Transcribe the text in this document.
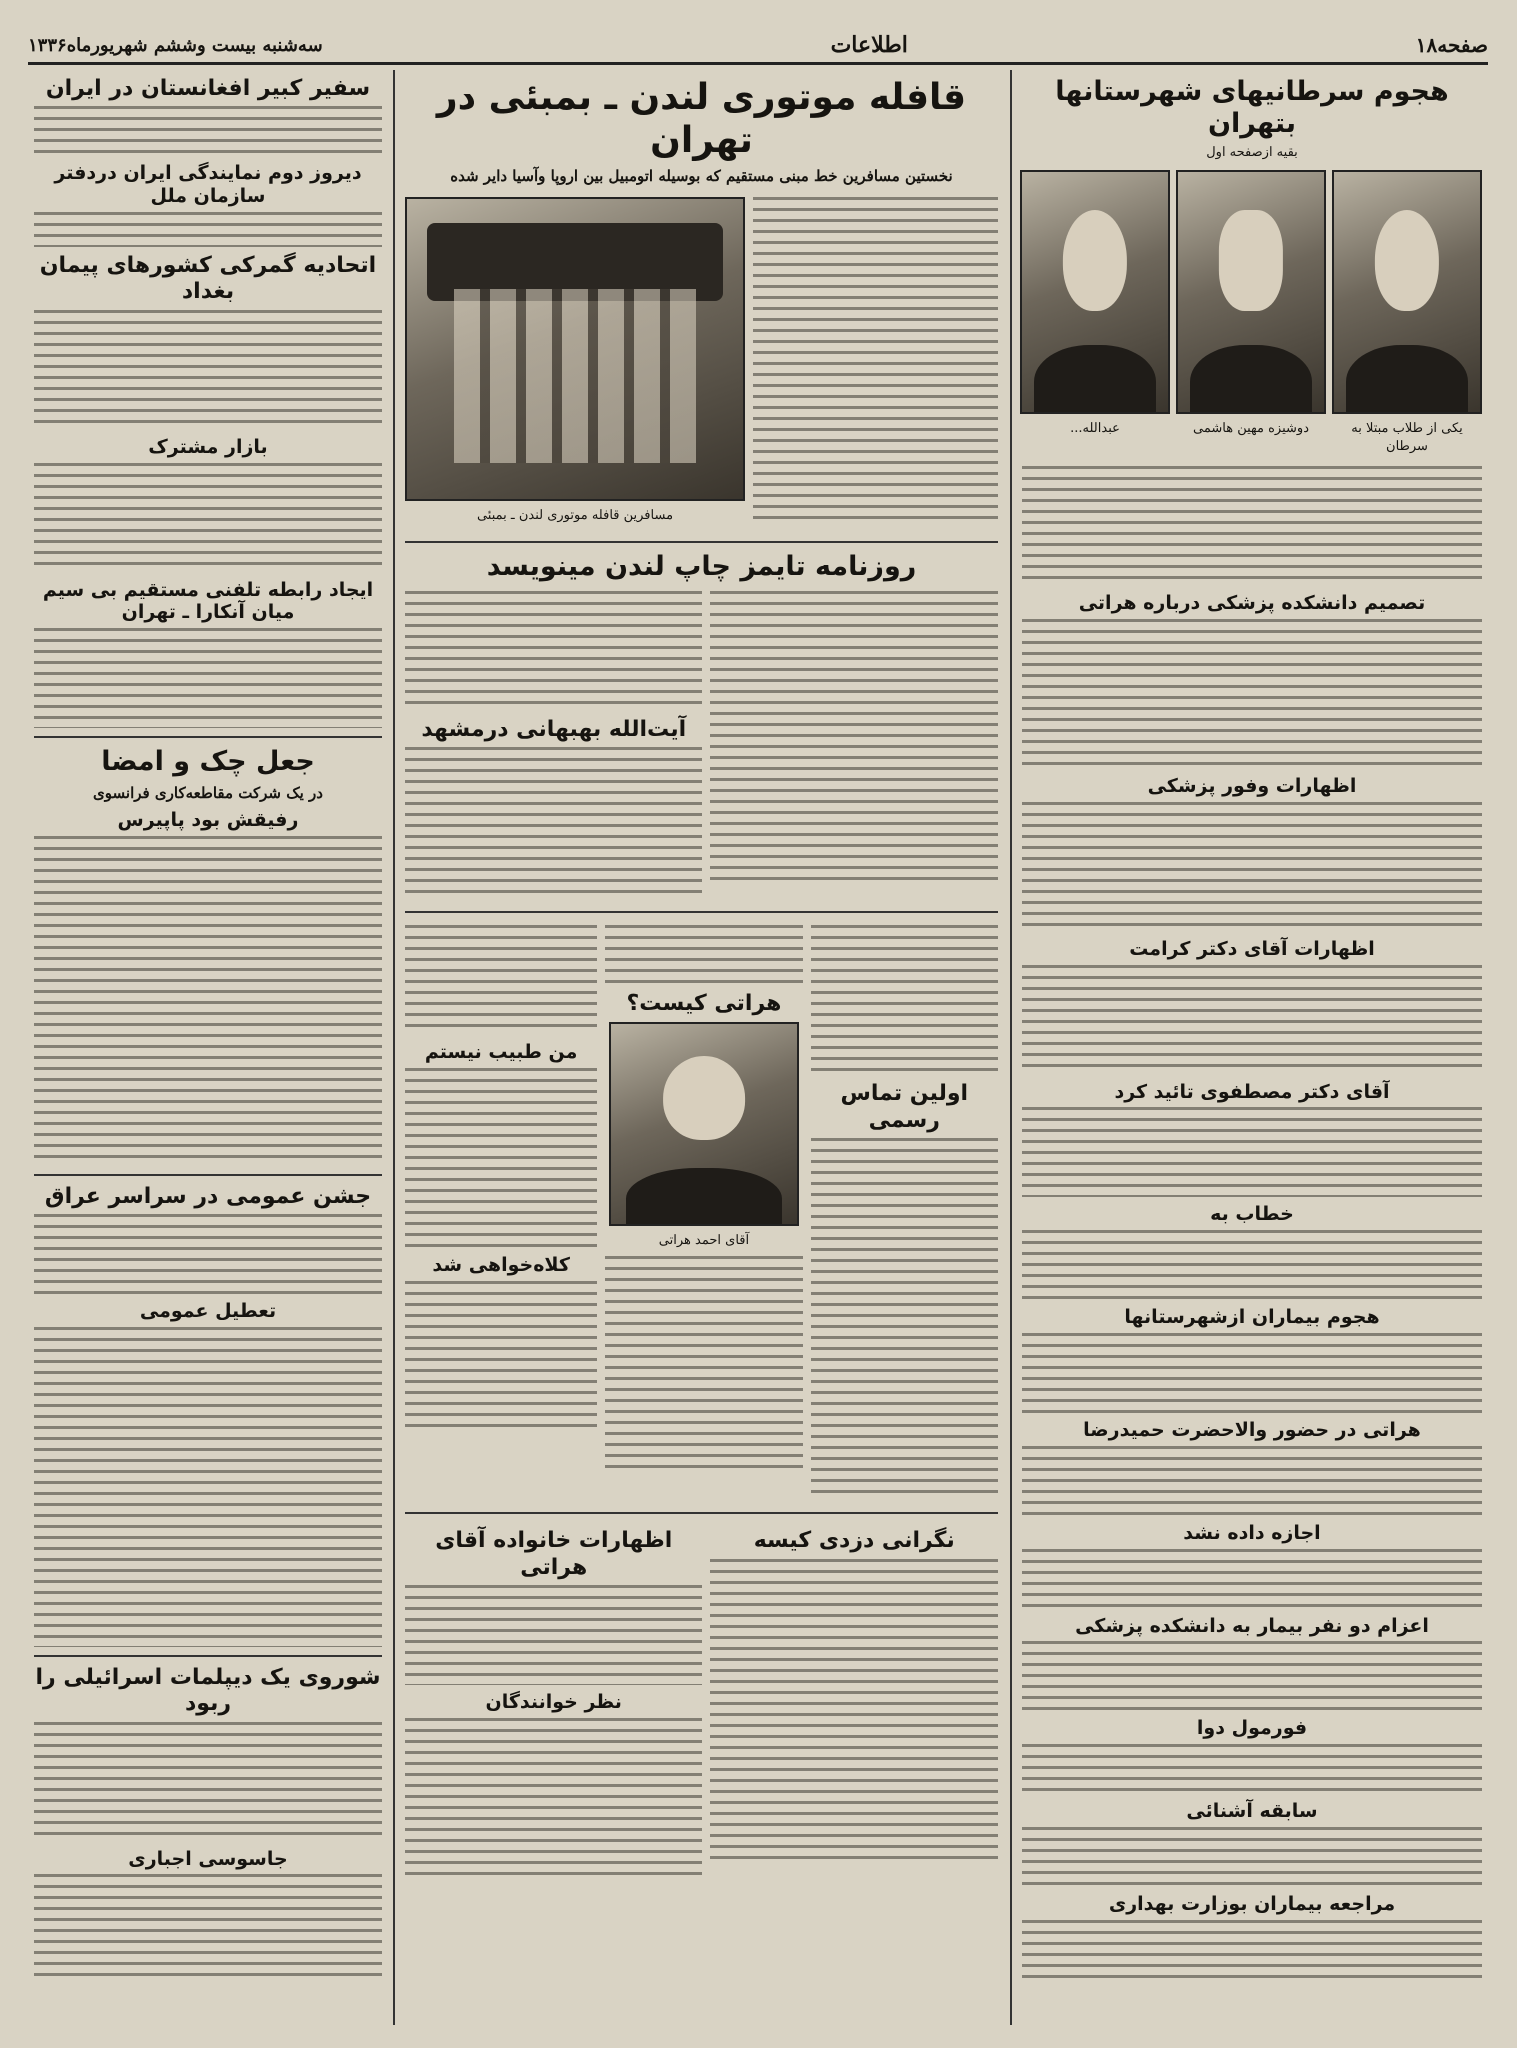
صفحه۱۸
اطلاعات
سه‌شنبه بیست وششم شهریورماه۱۳۳۶
هجوم سرطانیهای شهرستانها بتهران
بقیه ازصفحه اول
یکی از طلاب مبتلا به سرطان
دوشیزه مهین هاشمی
عبدالله...
تصمیم دانشکده پزشکی درباره هراتی
اظهارات وفور پزشکی
اظهارات آقای دکتر کرامت
آقای دکتر مصطفوی تائید کرد
خطاب به
هجوم بیماران ازشهرستانها
هراتی در حضور والاحضرت حمیدرضا
اجازه داده نشد
اعزام دو نفر بیمار به دانشکده پزشکی
فورمول دوا
سابقه آشنائی
مراجعه بیماران بوزارت بهداری
قافله موتوری لندن ـ بمبئی در تهران
نخستین مسافرین خط مبنی مستقیم که بوسیله اتومبیل بین اروپا وآسیا دایر شده
مسافرین قافله موتوری لندن ـ بمبئی
روزنامه تایمز چاپ لندن مینویسد
آیت‌الله بهبهانی درمشهد
اولین تماس رسمی
هراتی کیست؟
آقای احمد هراتی
من طبیب نیستم
کلاه‌خواهی شد
نگرانی دزدی کیسه
اظهارات خانواده آقای هراتی
نظر خوانندگان
سفیر کبیر افغانستان در ایران
دیروز دوم نمایندگی ایران دردفتر سازمان ملل
اتحادیه گمرکی کشورهای پیمان بغداد
بازار مشترک
ایجاد رابطه تلفنی مستقیم بی سیم میان آنکارا ـ تهران
جعل چک و امضا
در یک شرکت مقاطعه‌کاری فرانسوی
رفیقش بود پاپیرس
جشن عمومی در سراسر عراق
تعطیل عمومی
شوروی یک دیپلمات اسرائیلی را ربود
جاسوسی اجباری
